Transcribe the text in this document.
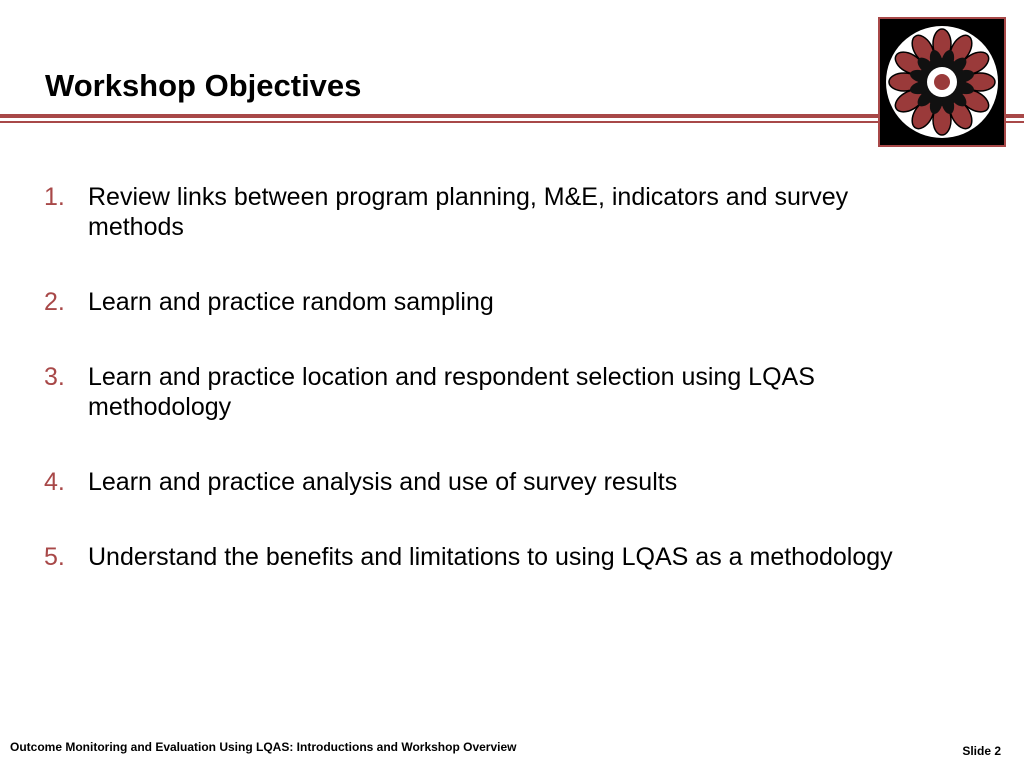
Workshop Objectives
1. Review links between program planning, M&E, indicators and survey methods
2. Learn and practice random sampling
3. Learn and practice location and respondent selection using LQAS methodology
4. Learn and practice analysis and use of survey results
5. Understand the benefits and limitations to using LQAS as a methodology
Outcome Monitoring and Evaluation Using LQAS: Introductions and Workshop Overview	Slide 2
